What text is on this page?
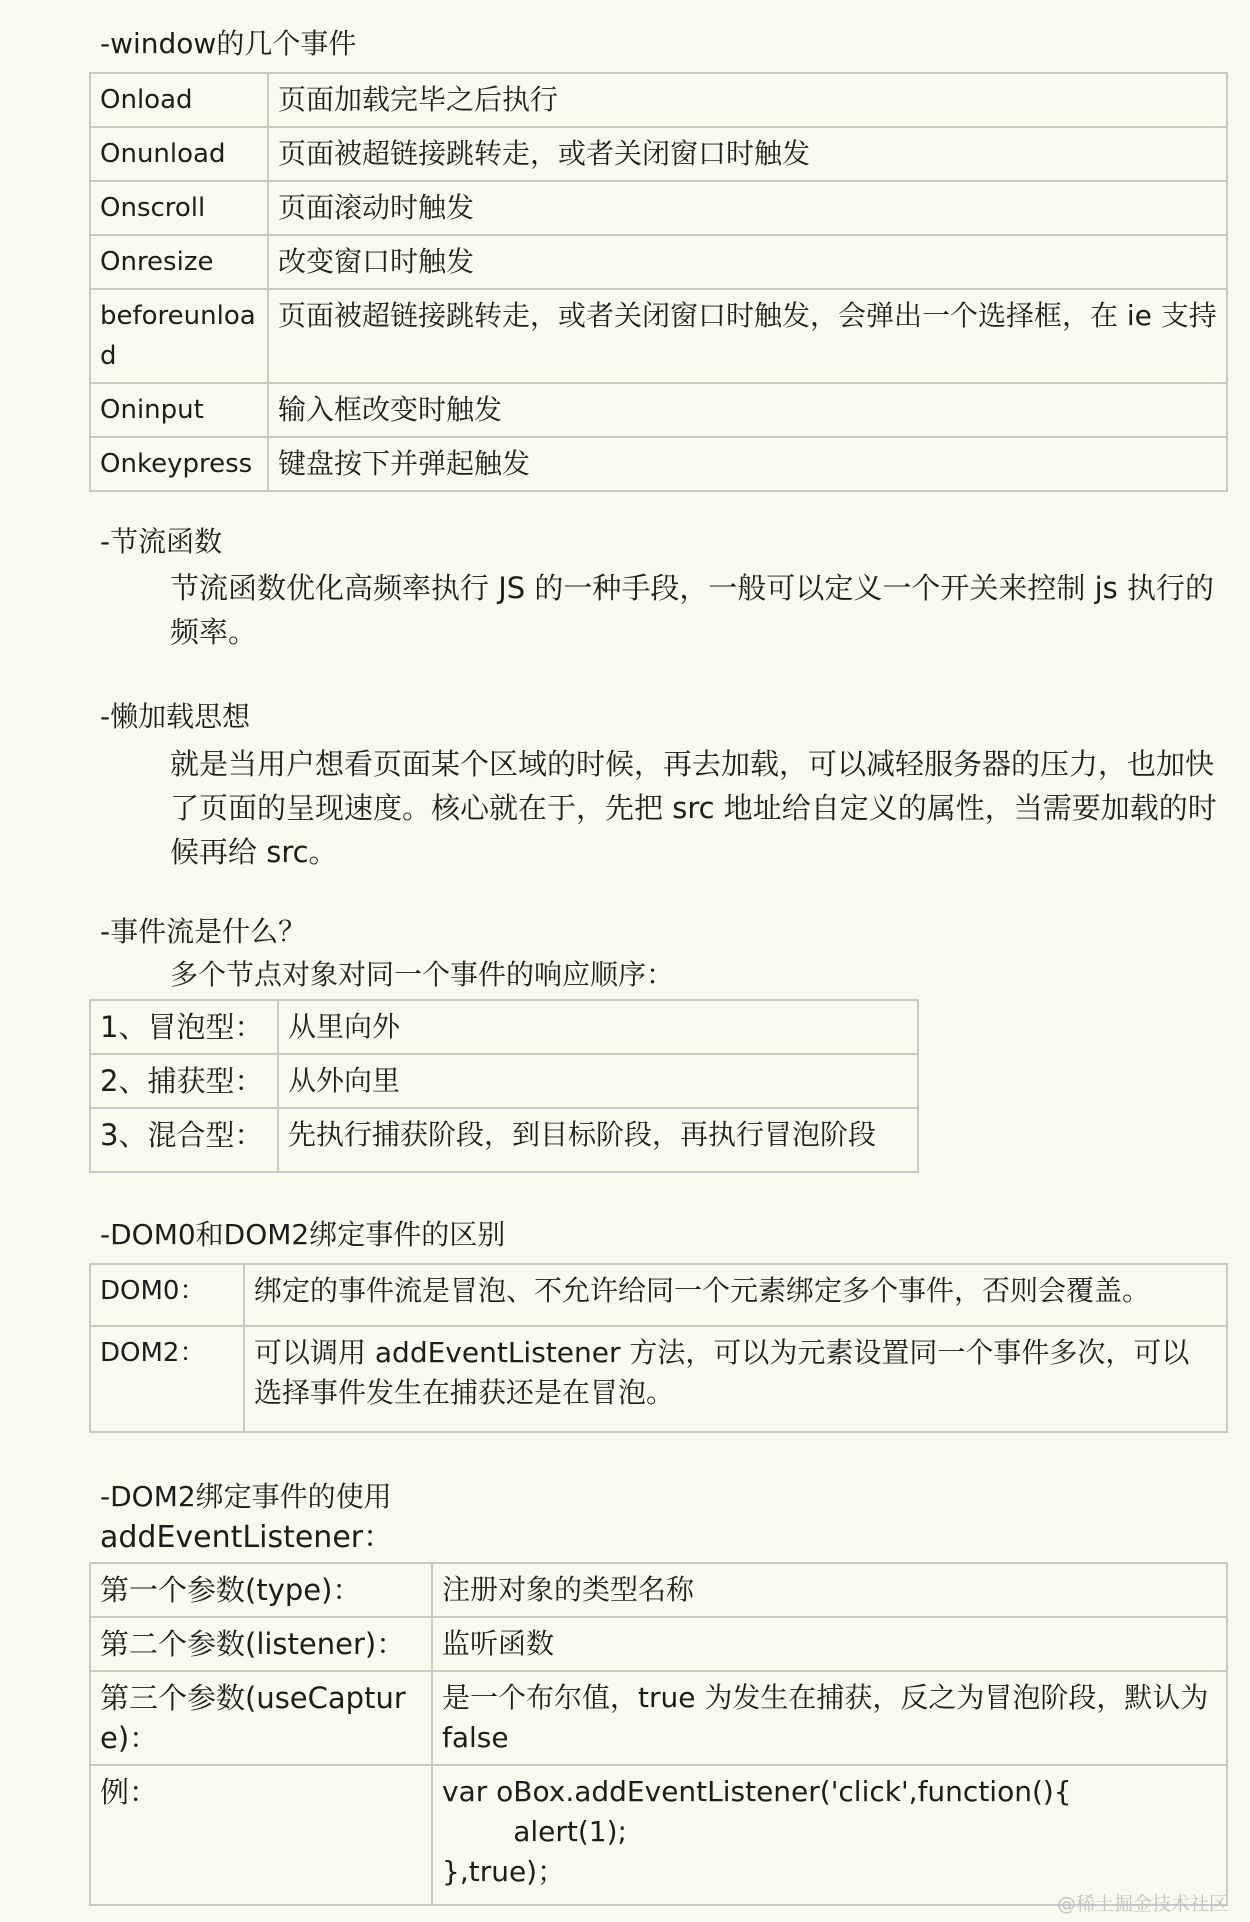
-window的几个事件
Onload	页面加载完毕之后执行
Onunload	页面被超链接跳转走，或者关闭窗口时触发
Onscroll	页面滚动时触发
Onresize	改变窗口时触发
beforeunload	页面被超链接跳转走，或者关闭窗口时触发，会弹出一个选择框，在 ie 支持
Oninput	输入框改变时触发
Onkeypress	键盘按下并弹起触发
-节流函数
节流函数优化高频率执行 JS 的一种手段，一般可以定义一个开关来控制 js 执行的频率。
-懒加载思想
就是当用户想看页面某个区域的时候，再去加载，可以减轻服务器的压力，也加快了页面的呈现速度。核心就在于，先把 src 地址给自定义的属性，当需要加载的时候再给 src。
-事件流是什么？
多个节点对象对同一个事件的响应顺序：
1、冒泡型：	从里向外
2、捕获型：	从外向里
3、混合型：	先执行捕获阶段，到目标阶段，再执行冒泡阶段
-DOM0和DOM2绑定事件的区别
DOM0：	绑定的事件流是冒泡、不允许给同一个元素绑定多个事件，否则会覆盖。
DOM2：	可以调用 addEventListener 方法，可以为元素设置同一个事件多次，可以选择事件发生在捕获还是在冒泡。
-DOM2绑定事件的使用
addEventListener：
第一个参数(type)：	注册对象的类型名称
第二个参数(listener)：	监听函数
第三个参数(useCapture)：	是一个布尔值，true 为发生在捕获，反之为冒泡阶段，默认为 false
例：	var oBox.addEventListener('click',function(){
alert(1);
},true)；
@稀土掘金技术社区
